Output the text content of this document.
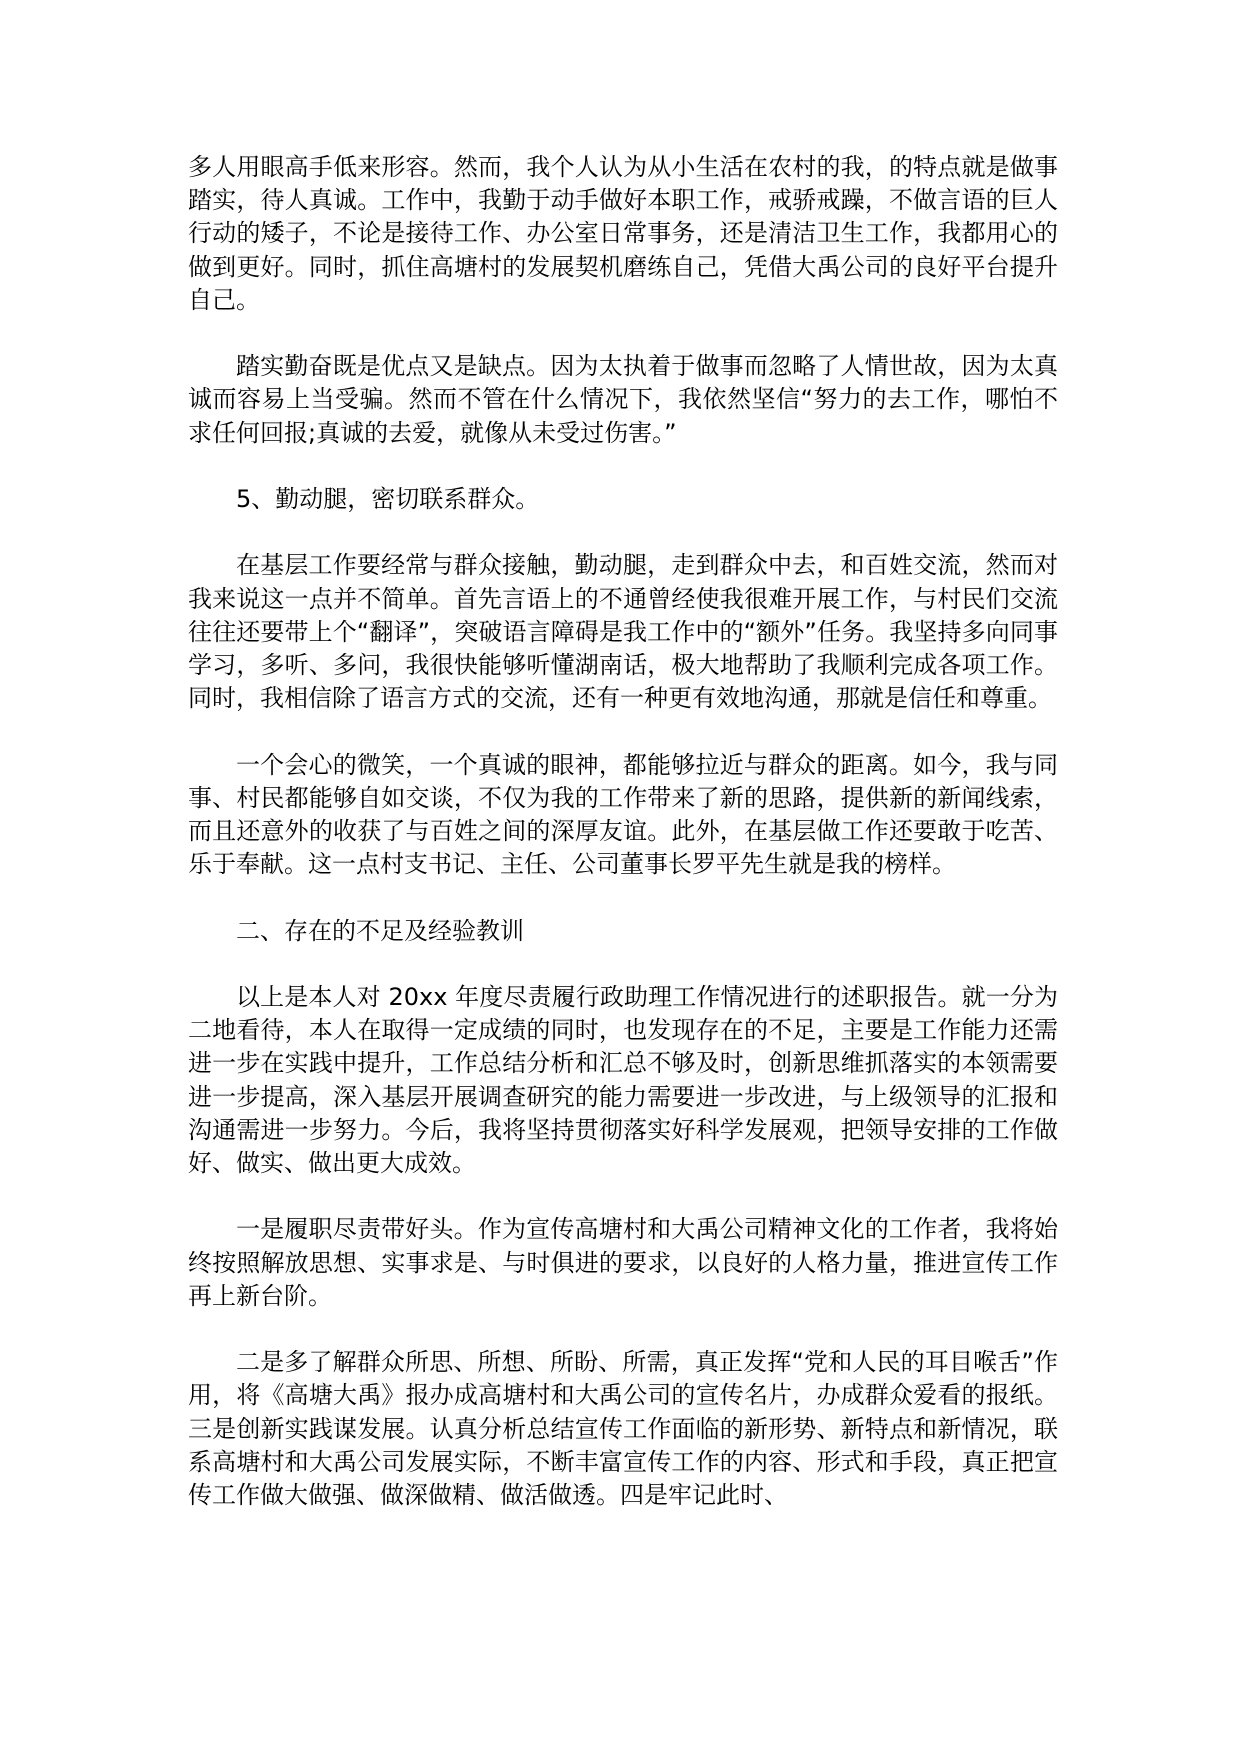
多人用眼高手低来形容。然而，我个人认为从小生活在农村的我，的特点就是做事踏实，待人真诚。工作中，我勤于动手做好本职工作，戒骄戒躁，不做言语的巨人行动的矮子，不论是接待工作、办公室日常事务，还是清洁卫生工作，我都用心的做到更好。同时，抓住高塘村的发展契机磨练自己，凭借大禹公司的良好平台提升自己。

踏实勤奋既是优点又是缺点。因为太执着于做事而忽略了人情世故，因为太真诚而容易上当受骗。然而不管在什么情况下，我依然坚信“努力的去工作，哪怕不求任何回报;真诚的去爱，就像从未受过伤害。”

5、勤动腿，密切联系群众。

在基层工作要经常与群众接触，勤动腿，走到群众中去，和百姓交流，然而对我来说这一点并不简单。首先言语上的不通曾经使我很难开展工作，与村民们交流往往还要带上个“翻译”，突破语言障碍是我工作中的“额外”任务。我坚持多向同事学习，多听、多问，我很快能够听懂湖南话，极大地帮助了我顺利完成各项工作。同时，我相信除了语言方式的交流，还有一种更有效地沟通，那就是信任和尊重。

一个会心的微笑，一个真诚的眼神，都能够拉近与群众的距离。如今，我与同事、村民都能够自如交谈，不仅为我的工作带来了新的思路，提供新的新闻线索，而且还意外的收获了与百姓之间的深厚友谊。此外，在基层做工作还要敢于吃苦、乐于奉献。这一点村支书记、主任、公司董事长罗平先生就是我的榜样。

二、存在的不足及经验教训

以上是本人对 20xx 年度尽责履行政助理工作情况进行的述职报告。就一分为二地看待，本人在取得一定成绩的同时，也发现存在的不足，主要是工作能力还需进一步在实践中提升，工作总结分析和汇总不够及时，创新思维抓落实的本领需要进一步提高，深入基层开展调查研究的能力需要进一步改进，与上级领导的汇报和沟通需进一步努力。今后，我将坚持贯彻落实好科学发展观，把领导安排的工作做好、做实、做出更大成效。

一是履职尽责带好头。作为宣传高塘村和大禹公司精神文化的工作者，我将始终按照解放思想、实事求是、与时俱进的要求，以良好的人格力量，推进宣传工作再上新台阶。

二是多了解群众所思、所想、所盼、所需，真正发挥“党和人民的耳目喉舌”作用，将《高塘大禹》报办成高塘村和大禹公司的宣传名片，办成群众爱看的报纸。三是创新实践谋发展。认真分析总结宣传工作面临的新形势、新特点和新情况，联系高塘村和大禹公司发展实际，不断丰富宣传工作的内容、形式和手段，真正把宣传工作做大做强、做深做精、做活做透。四是牢记此时、
